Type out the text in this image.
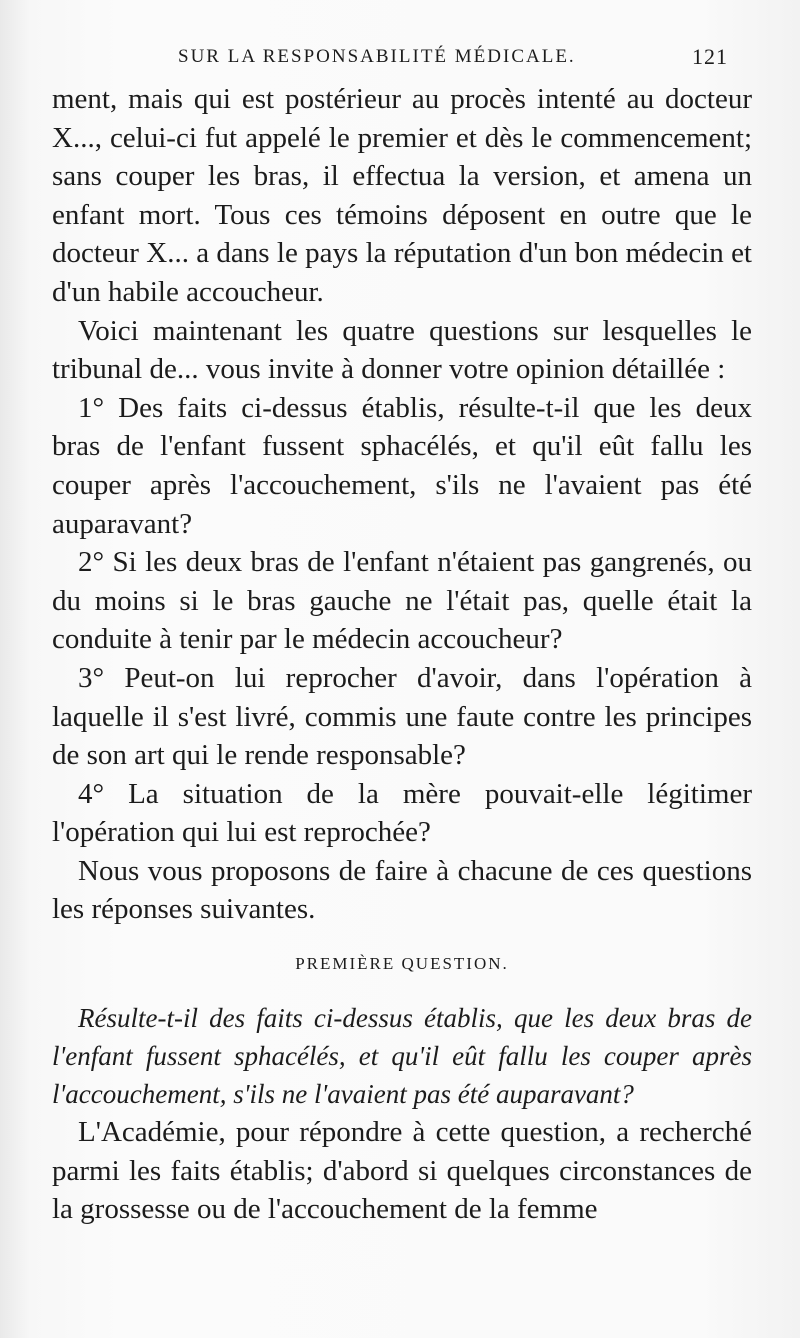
SUR LA RESPONSABILITÉ MÉDICALE.	121

ment, mais qui est postérieur au procès intenté au docteur X..., celui-ci fut appelé le premier et dès le commencement; sans couper les bras, il effectua la version, et amena un enfant mort. Tous ces témoins déposent en outre que le docteur X... a dans le pays la réputation d'un bon médecin et d'un habile accoucheur.

Voici maintenant les quatre questions sur lesquelles le tribunal de... vous invite à donner votre opinion détaillée :

1° Des faits ci-dessus établis, résulte-t-il que les deux bras de l'enfant fussent sphacélés, et qu'il eût fallu les couper après l'accouchement, s'ils ne l'avaient pas été auparavant?

2° Si les deux bras de l'enfant n'étaient pas gangrenés, ou du moins si le bras gauche ne l'était pas, quelle était la conduite à tenir par le médecin accoucheur?

3° Peut-on lui reprocher d'avoir, dans l'opération à laquelle il s'est livré, commis une faute contre les principes de son art qui le rende responsable?

4° La situation de la mère pouvait-elle légitimer l'opération qui lui est reprochée?

Nous vous proposons de faire à chacune de ces questions les réponses suivantes.

PREMIÈRE QUESTION.

Résulte-t-il des faits ci-dessus établis, que les deux bras de l'enfant fussent sphacélés, et qu'il eût fallu les couper après l'accouchement, s'ils ne l'avaient pas été auparavant?

L'Académie, pour répondre à cette question, a recherché parmi les faits établis; d'abord si quelques circonstances de la grossesse ou de l'accouchement de la femme
